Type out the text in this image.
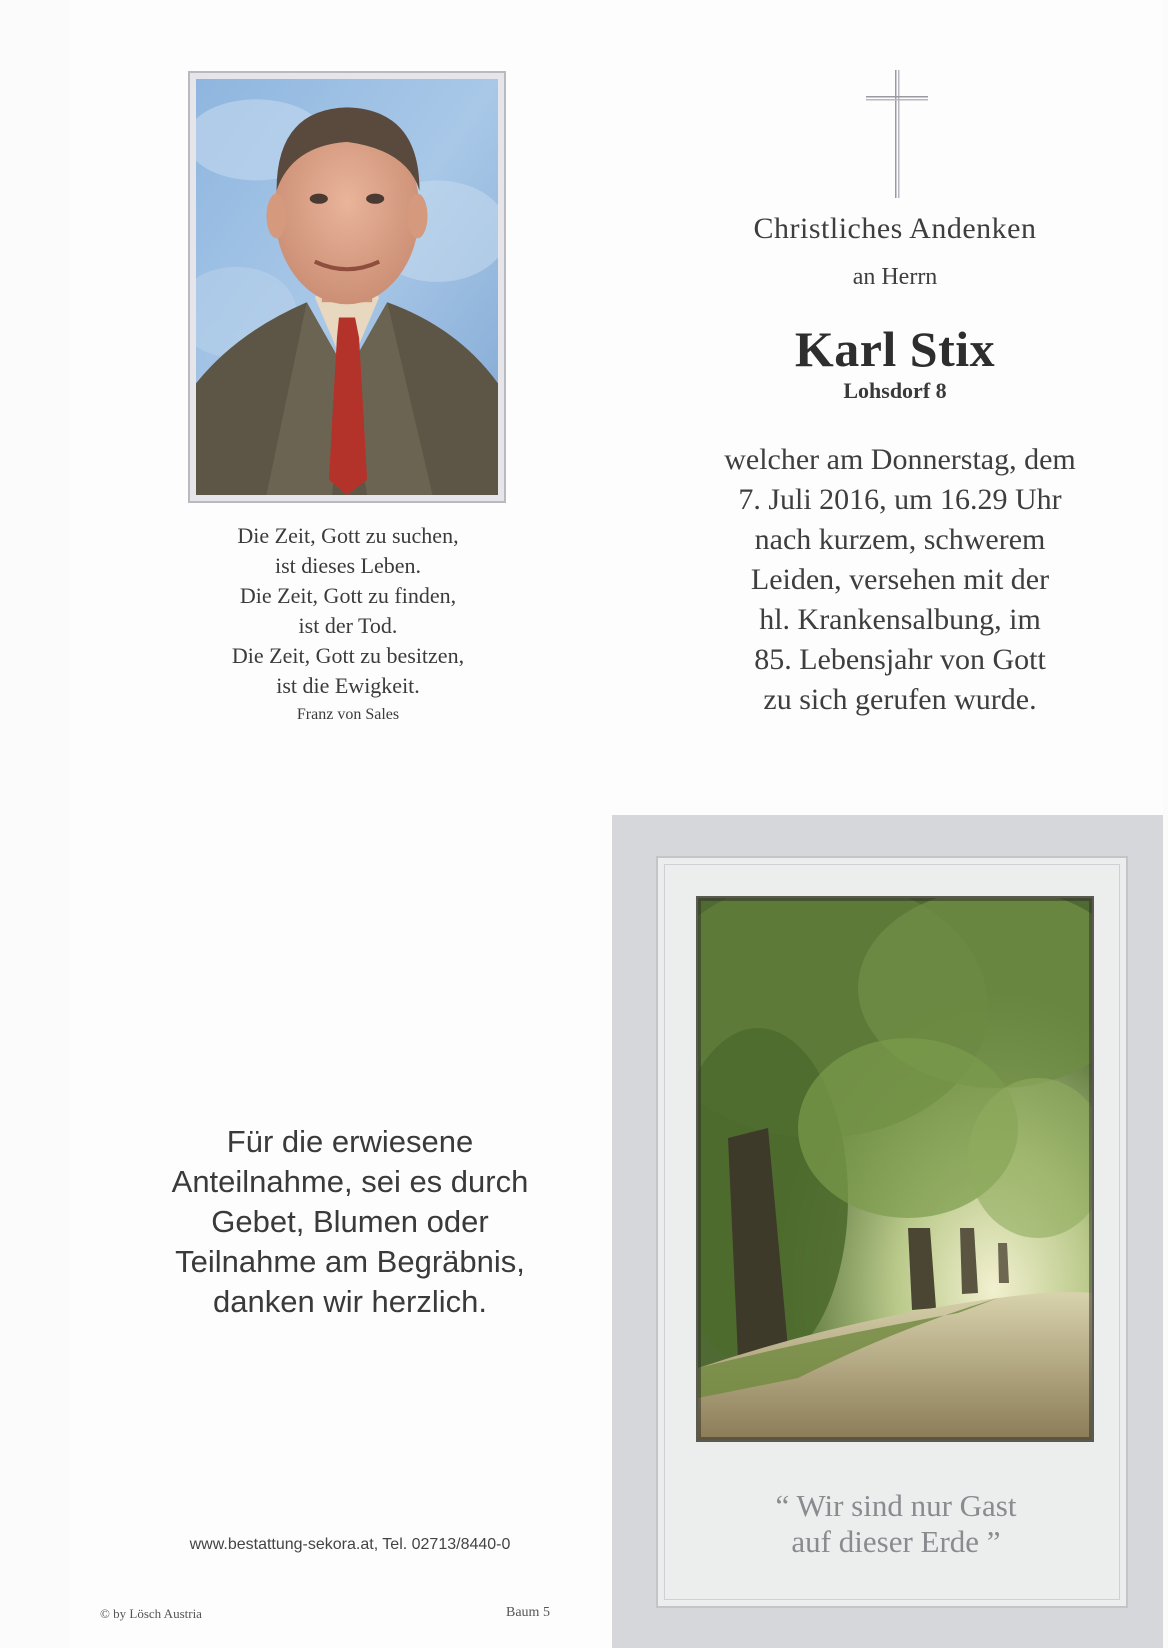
Die Zeit, Gott zu suchen,
ist dieses Leben.
Die Zeit, Gott zu finden,
ist der Tod.
Die Zeit, Gott zu besitzen,
ist die Ewigkeit.
Franz von Sales
Christliches Andenken
an Herrn
Karl Stix
Lohsdorf 8
welcher am Donnerstag, dem
7. Juli 2016, um 16.29 Uhr
nach kurzem, schwerem
Leiden, versehen mit der
hl. Krankensalbung, im
85. Lebensjahr von Gott
zu sich gerufen wurde.
Für die erwiesene
Anteilnahme, sei es durch
Gebet, Blumen oder
Teilnahme am Begräbnis,
danken wir herzlich.
www.bestattung-sekora.at, Tel. 02713/8440-0
© by Lösch Austria	Baum 5
“ Wir sind nur Gast
auf dieser Erde ”
